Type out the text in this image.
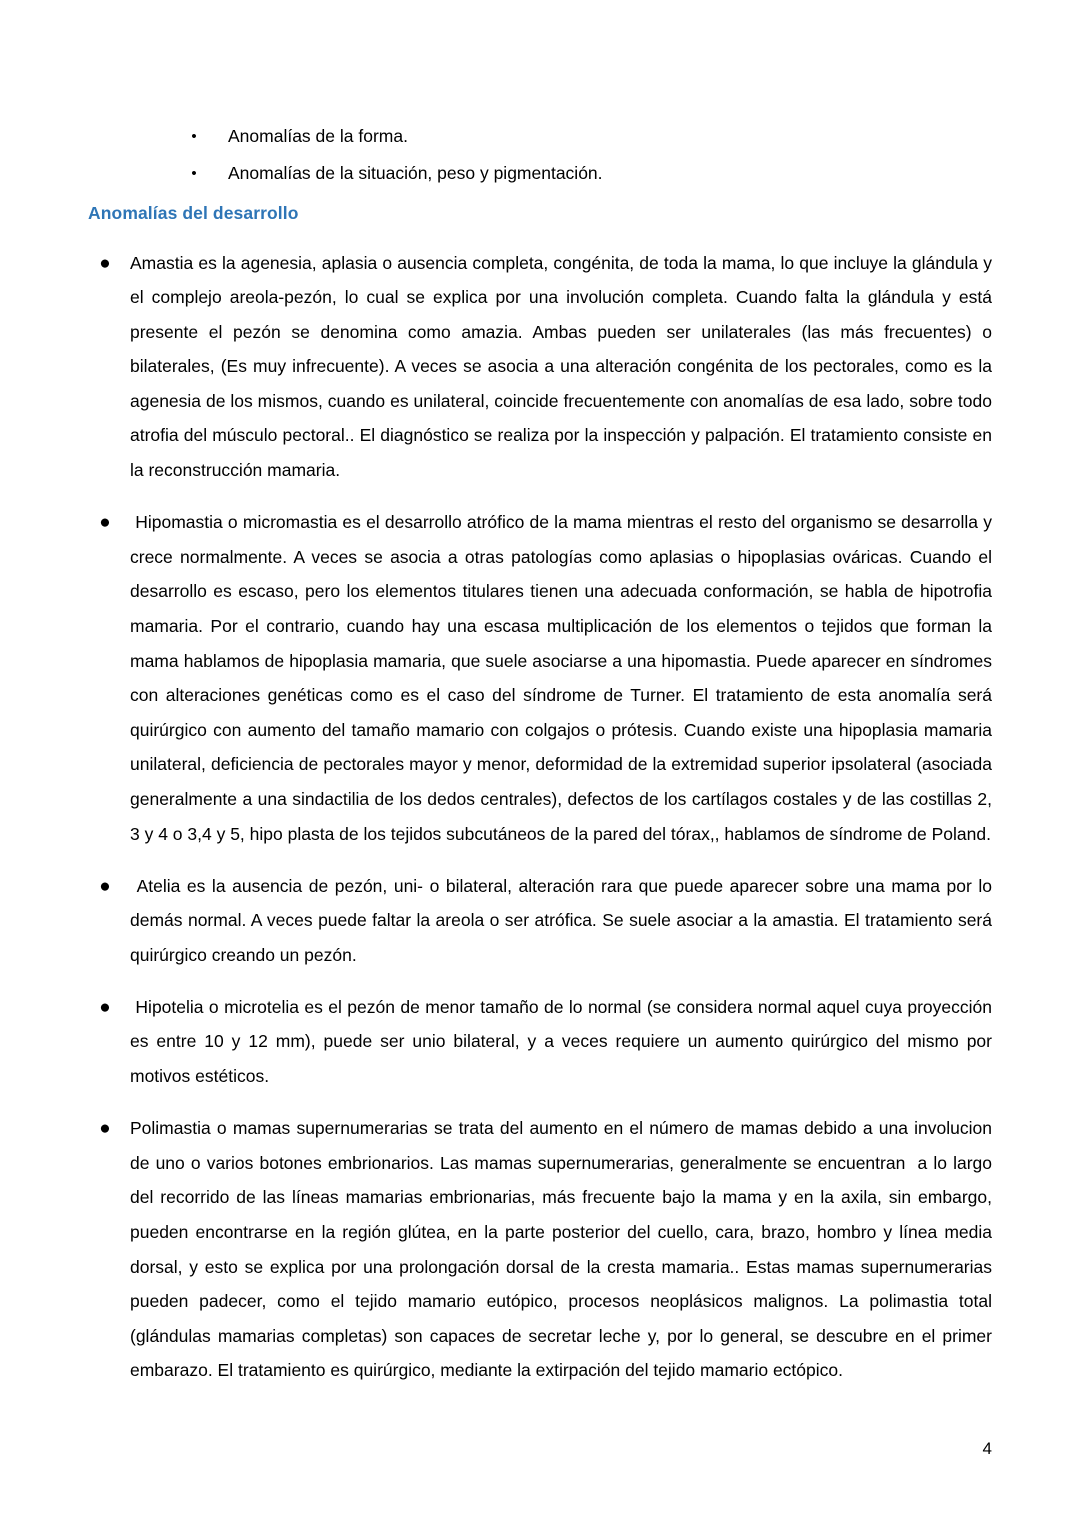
• Anomalías de la forma.
• Anomalías de la situación, peso y pigmentación.
Anomalías del desarrollo
● Amastia es la agenesia, aplasia o ausencia completa, congénita, de toda la mama, lo que incluye la glándula y el complejo areola-pezón, lo cual se explica por una involución completa. Cuando falta la glándula y está presente el pezón se denomina como amazia. Ambas pueden ser unilaterales (las más frecuentes) o bilaterales, (Es muy infrecuente). A veces se asocia a una alteración congénita de los pectorales, como es la agenesia de los mismos, cuando es unilateral, coincide frecuentemente con anomalías de esa lado, sobre todo atrofia del músculo pectoral.. El diagnóstico se realiza por la inspección y palpación. El tratamiento consiste en la reconstrucción mamaria.

● Hipomastia o micromastia es el desarrollo atrófico de la mama mientras el resto del organismo se desarrolla y crece normalmente. A veces se asocia a otras patologías como aplasias o hipoplasias ováricas. Cuando el desarrollo es escaso, pero los elementos titulares tienen una adecuada conformación, se habla de hipotrofia mamaria. Por el contrario, cuando hay una escasa multiplicación de los elementos o tejidos que forman la mama hablamos de hipoplasia mamaria, que suele asociarse a una hipomastia. Puede aparecer en síndromes con alteraciones genéticas como es el caso del síndrome de Turner. El tratamiento de esta anomalía será quirúrgico con aumento del tamaño mamario con colgajos o prótesis. Cuando existe una hipoplasia mamaria unilateral, deficiencia de pectorales mayor y menor, deformidad de la extremidad superior ipsolateral (asociada generalmente a una sindactilia de los dedos centrales), defectos de los cartílagos costales y de las costillas 2, 3 y 4 o 3,4 y 5, hipo plasta de los tejidos subcutáneos de la pared del tórax,, hablamos de síndrome de Poland.

● Atelia es la ausencia de pezón, uni- o bilateral, alteración rara que puede aparecer sobre una mama por lo demás normal. A veces puede faltar la areola o ser atrófica. Se suele asociar a la amastia. El tratamiento será quirúrgico creando un pezón.

● Hipotelia o microtelia es el pezón de menor tamaño de lo normal (se considera normal aquel cuya proyección es entre 10 y 12 mm), puede ser unio bilateral, y a veces requiere un aumento quirúrgico del mismo por motivos estéticos.

● Polimastia o mamas supernumerarias se trata del aumento en el número de mamas debido a una involucion de uno o varios botones embrionarios. Las mamas supernumerarias, generalmente se encuentran  a lo largo del recorrido de las líneas mamarias embrionarias, más frecuente bajo la mama y en la axila, sin embargo, pueden encontrarse en la región glútea, en la parte posterior del cuello, cara, brazo, hombro y línea media dorsal, y esto se explica por una prolongación dorsal de la cresta mamaria.. Estas mamas supernumerarias pueden padecer, como el tejido mamario eutópico, procesos neoplásicos malignos. La polimastia total (glándulas mamarias completas) son capaces de secretar leche y, por lo general, se descubre en el primer embarazo. El tratamiento es quirúrgico, mediante la extirpación del tejido mamario ectópico.

4
